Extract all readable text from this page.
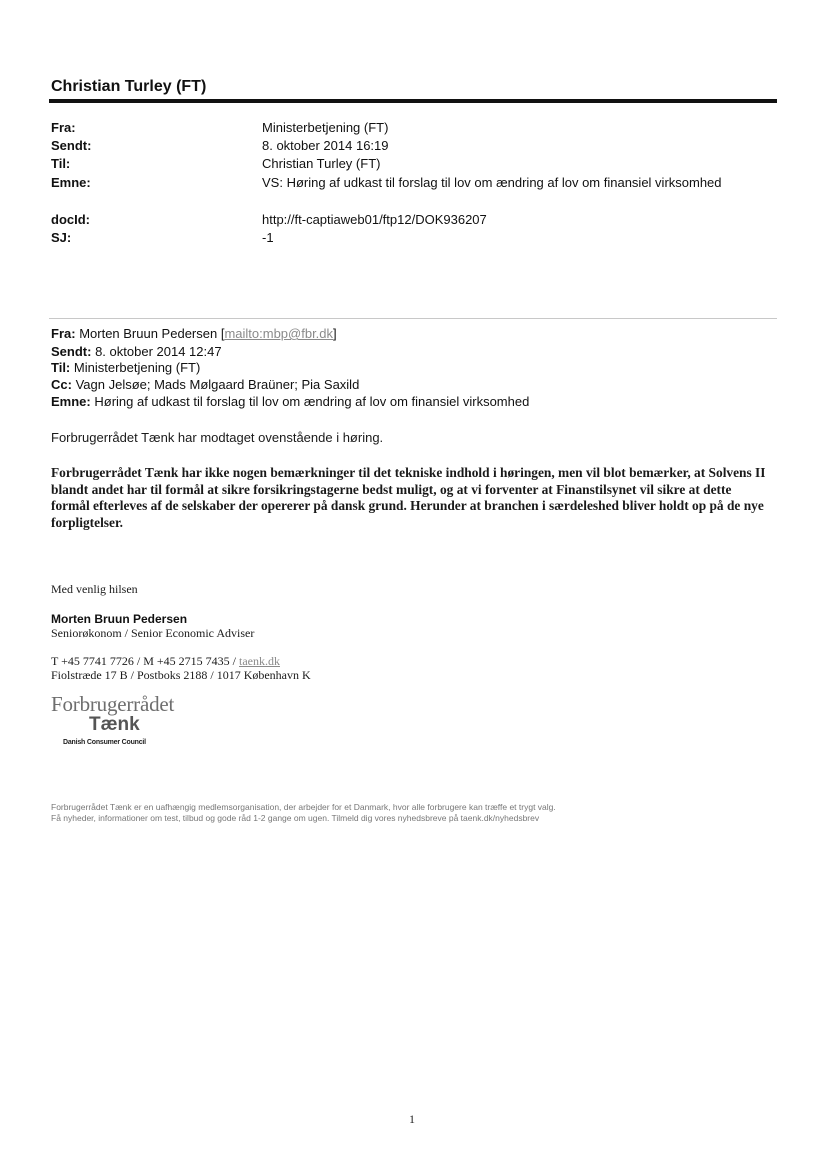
Christian Turley (FT)
Fra:	Ministerbetjening (FT)
Sendt:	8. oktober 2014 16:19
Til:	Christian Turley (FT)
Emne:	VS: Høring af udkast til forslag til lov om ændring af lov om finansiel virksomhed
docId:	http://ft-captiaweb01/ftp12/DOK936207
SJ:	-1
Fra: Morten Bruun Pedersen [mailto:mbp@fbr.dk]
Sendt: 8. oktober 2014 12:47
Til: Ministerbetjening (FT)
Cc: Vagn Jelsøe; Mads Mølgaard Braüner; Pia Saxild
Emne: Høring af udkast til forslag til lov om ændring af lov om finansiel virksomhed
Forbrugerrådet Tænk har modtaget ovenstående i høring.
Forbrugerrådet Tænk har ikke nogen bemærkninger til det tekniske indhold i høringen, men vil blot bemærker, at Solvens II blandt andet har til formål at sikre forsikringstagerne bedst muligt, og at vi forventer at Finanstilsynet vil sikre at dette formål efterleves af de selskaber der opererer på dansk grund. Herunder at branchen i særdeleshed bliver holdt op på de nye forpligtelser.
Med venlig hilsen
Morten Bruun Pedersen
Seniorøkonom / Senior Economic Adviser
T +45 7741 7726 / M +45 2715 7435 / taenk.dk
Fiolstræde 17 B / Postboks 2188 / 1017 København K
Forbrugerrådet
Tænk
Danish Consumer Council
Forbrugerrådet Tænk er en uafhængig medlemsorganisation, der arbejder for et Danmark, hvor alle forbrugere kan træffe et trygt valg.
Få nyheder, informationer om test, tilbud og gode råd 1-2 gange om ugen. Tilmeld dig vores nyhedsbreve på taenk.dk/nyhedsbrev
1
